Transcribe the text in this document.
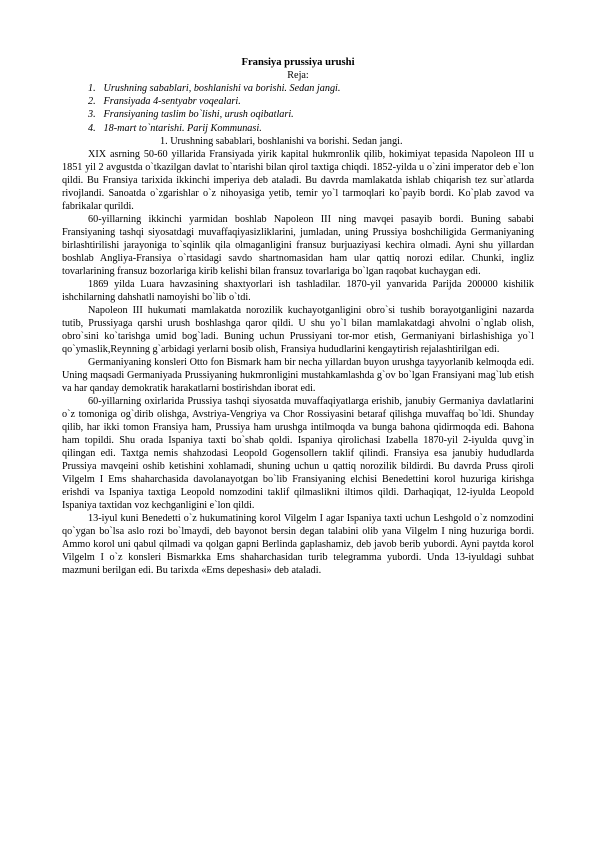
Fransiya prussiya urushi
Reja:
1. Urushning sabablari, boshlanishi va borishi. Sedan jangi.
2. Fransiyada 4-sentyabr voqealari.
3. Fransiyaning taslim bo`lishi, urush oqibatlari.
4. 18-mart to`ntarishi. Parij Kommunasi.
1. Urushning sabablari, boshlanishi va borishi. Sedan jangi.

XIX asrning 50-60 yillarida Fransiyada yirik kapital hukmronlik qilib, hokimiyat tepasida Napoleon III u 1851 yil 2 avgustda o`tkazilgan davlat to`ntarishi bilan qirol taxtiga chiqdi. 1852-yilda u o`zini imperator deb e`lon qildi. Bu Fransiya tarixida ikkinchi imperiya deb ataladi. Bu davrda mamlakatda ishlab chiqarish tez sur`atlarda rivojlandi. Sanoatda o`zgarishlar o`z nihoyasiga yetib, temir yo`l tarmoqlari ko`payib bordi. Ko`plab zavod va fabrikalar qurildi.

60-yillarning ikkinchi yarmidan boshlab Napoleon III ning mavqei pasayib bordi. Buning sababi Fransiyaning tashqi siyosatdagi muvaffaqiyasizliklarini, jumladan, uning Prussiya boshchiligida Germaniyaning birlashtirilishi jarayoniga to`sqinlik qila olmaganligini fransuz burjuaziyasi kechira olmadi. Ayni shu yillardan boshlab Angliya-Fransiya o`rtasidagi savdo shartnomasidan ham ular qattiq norozi edilar. Chunki, ingliz tovarlarining fransuz bozorlariga kirib kelishi bilan fransuz tovarlariga bo`lgan raqobat kuchaygan edi.

1869 yilda Luara havzasining shaxtyorlari ish tashladilar. 1870-yil yanvarida Parijda 200000 kishilik ishchilarning dahshatli namoyishi bo`lib o`tdi.

Napoleon III hukumati mamlakatda norozilik kuchayotganligini obro`si tushib borayotganligini nazarda tutib, Prussiyaga qarshi urush boshlashga qaror qildi. U shu yo`l bilan mamlakatdagi ahvolni o`nglab olish, obro`sini ko`tarishga umid bog`ladi. Buning uchun Prussiyani tor-mor etish, Germaniyani birlashishiga yo`l qo`ymaslik,Reynning g`arbidagi yerlarni bosib olish, Fransiya hududlarini kengaytirish rejalashtirilgan edi.

Germaniyaning konsleri Otto fon Bismark ham bir necha yillardan buyon urushga tayyorlanib kelmoqda edi. Uning maqsadi Germaniyada Prussiyaning hukmronligini mustahkamlashda g`ov bo`lgan Fransiyani mag`lub etish va har qanday demokratik harakatlarni bostirishdan iborat edi.

60-yillarning oxirlarida Prussiya tashqi siyosatda muvaffaqiyatlarga erishib, janubiy Germaniya davlatlarini o`z tomoniga og`dirib olishga, Avstriya-Vengriya va Chor Rossiyasini betaraf qilishga muvaffaq bo`ldi. Shunday qilib, har ikki tomon Fransiya ham, Prussiya ham urushga intilmoqda va bunga bahona qidirmoqda edi. Bahona ham topildi. Shu orada Ispaniya taxti bo`shab qoldi. Ispaniya qirolichasi Izabella 1870-yil 2-iyulda quvg`in qilingan edi. Taxtga nemis shahzodasi Leopold Gogensollern taklif qilindi. Fransiya esa janubiy hududlarda Prussiya mavqeini oshib ketishini xohlamadi, shuning uchun u qattiq norozilik bildirdi. Bu davrda Pruss qiroli Vilgelm I Ems shaharchasida davolanayotgan bo`lib Fransiyaning elchisi Benedettini korol huzuriga kirishga erishdi va Ispaniya taxtiga Leopold nomzodini taklif qilmaslikni iltimos qildi. Darhaqiqat, 12-iyulda Leopold Ispaniya taxtidan voz kechganligini e`lon qildi.

13-iyul kuni Benedetti o`z hukumatining korol Vilgelm I agar Ispaniya taxti uchun Leshgold o`z nomzodini qo`ygan bo`lsa aslo rozi bo`lmaydi, deb bayonot bersin degan talabini olib yana Vilgelm I ning huzuriga bordi. Ammo korol uni qabul qilmadi va qolgan gapni Berlinda gaplashamiz, deb javob berib yubordi. Ayni paytda korol Vilgelm I o`z konsleri Bismarkka Ems shaharchasidan turib telegramma yubordi. Unda 13-iyuldagi suhbat mazmuni berilgan edi. Bu tarixda «Ems depeshasi» deb ataladi.
